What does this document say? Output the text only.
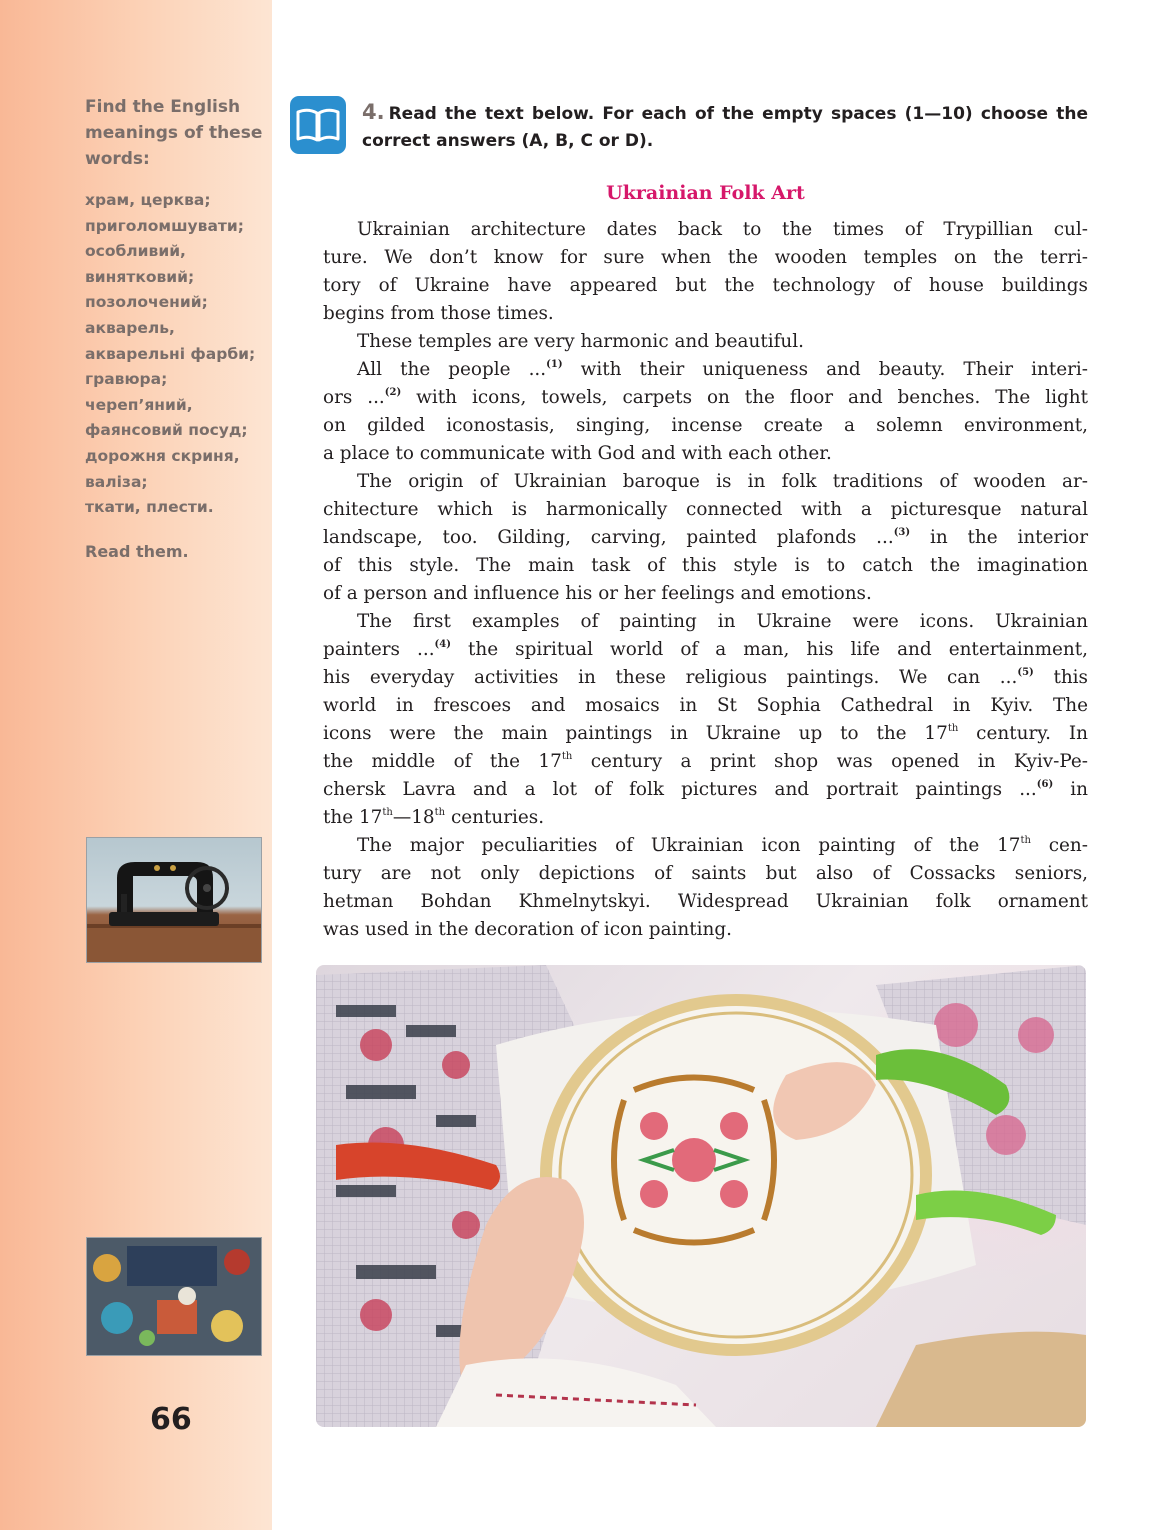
Find the English meanings of these words:
храм, церква;
приголомшувати;
особливий,
винятковий;
позолочений;
акварель,
акварельні фарби;
гравюра;
череп’яний,
фаянсовий посуд;
дорожня скриня,
валіза;
ткати, плести.
Read them.
66
4. Read the text below. For each of the empty spaces (1—10) choose the correct answers (A, B, C or D).
Ukrainian Folk Art
Ukrainian architecture dates back to the times of Trypillian cul-
ture. We don’t know for sure when the wooden temples on the terri-
tory of Ukraine have appeared but the technology of house buildings
begins from those times.
These temples are very harmonic and beautiful.
All the people ...$^{(1)}$ with their uniqueness and beauty. Their interi-
ors ...$^{(2)}$ with icons, towels, carpets on the floor and benches. The light
on gilded iconostasis, singing, incense create a solemn environment,
a place to communicate with God and with each other.
The origin of Ukrainian baroque is in folk traditions of wooden ar-
chitecture which is harmonically connected with a picturesque natural
landscape, too. Gilding, carving, painted plafonds ...$^{(3)}$ in the interior
of this style. The main task of this style is to catch the imagination
of a person and influence his or her feelings and emotions.
The first examples of painting in Ukraine were icons. Ukrainian
painters ...$^{(4)}$ the spiritual world of a man, his life and entertainment,
his everyday activities in these religious paintings. We can ...$^{(5)}$ this
world in frescoes and mosaics in St Sophia Cathedral in Kyiv. The
icons were the main paintings in Ukraine up to the 17th century. In
the middle of the 17th century a print shop was opened in Kyiv-Pe-
chersk Lavra and a lot of folk pictures and portrait paintings ...$^{(6)}$ in
the 17th—18th centuries.
The major peculiarities of Ukrainian icon painting of the 17th cen-
tury are not only depictions of saints but also of Cossacks seniors,
hetman Bohdan Khmelnytskyi. Widespread Ukrainian folk ornament
was used in the decoration of icon painting.
